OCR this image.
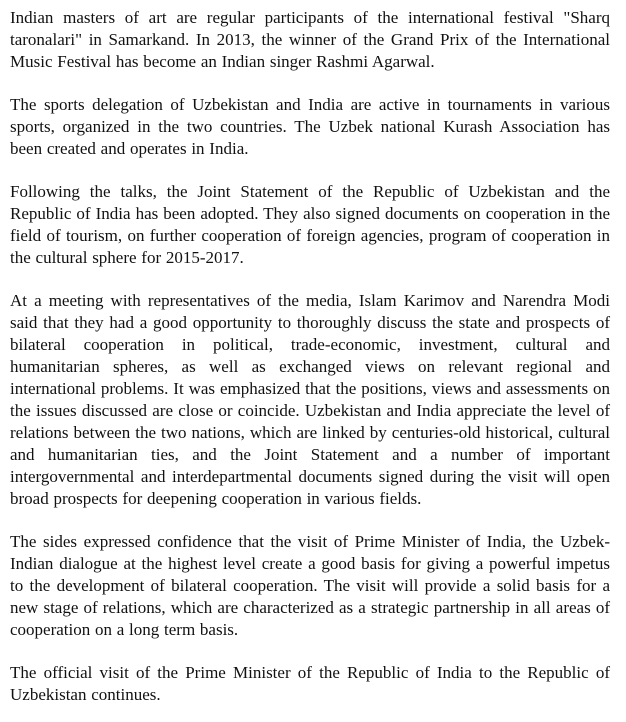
Indian masters of art are regular participants of the international festival "Sharq taronalari" in Samarkand. In 2013, the winner of the Grand Prix of the International Music Festival has become an Indian singer Rashmi Agarwal.

The sports delegation of Uzbekistan and India are active in tournaments in various sports, organized in the two countries. The Uzbek national Kurash Association has been created and operates in India.

Following the talks, the Joint Statement of the Republic of Uzbekistan and the Republic of India has been adopted. They also signed documents on cooperation in the field of tourism, on further cooperation of foreign agencies, program of cooperation in the cultural sphere for 2015-2017.

At a meeting with representatives of the media, Islam Karimov and Narendra Modi said that they had a good opportunity to thoroughly discuss the state and prospects of bilateral cooperation in political, trade-economic, investment, cultural and humanitarian spheres, as well as exchanged views on relevant regional and international problems. It was emphasized that the positions, views and assessments on the issues discussed are close or coincide. Uzbekistan and India appreciate the level of relations between the two nations, which are linked by centuries-old historical, cultural and humanitarian ties, and the Joint Statement and a number of important intergovernmental and interdepartmental documents signed during the visit will open broad prospects for deepening cooperation in various fields.

The sides expressed confidence that the visit of Prime Minister of India, the Uzbek-Indian dialogue at the highest level create a good basis for giving a powerful impetus to the development of bilateral cooperation. The visit will provide a solid basis for a new stage of relations, which are characterized as a strategic partnership in all areas of cooperation on a long term basis.

The official visit of the Prime Minister of the Republic of India to the Republic of Uzbekistan continues.
